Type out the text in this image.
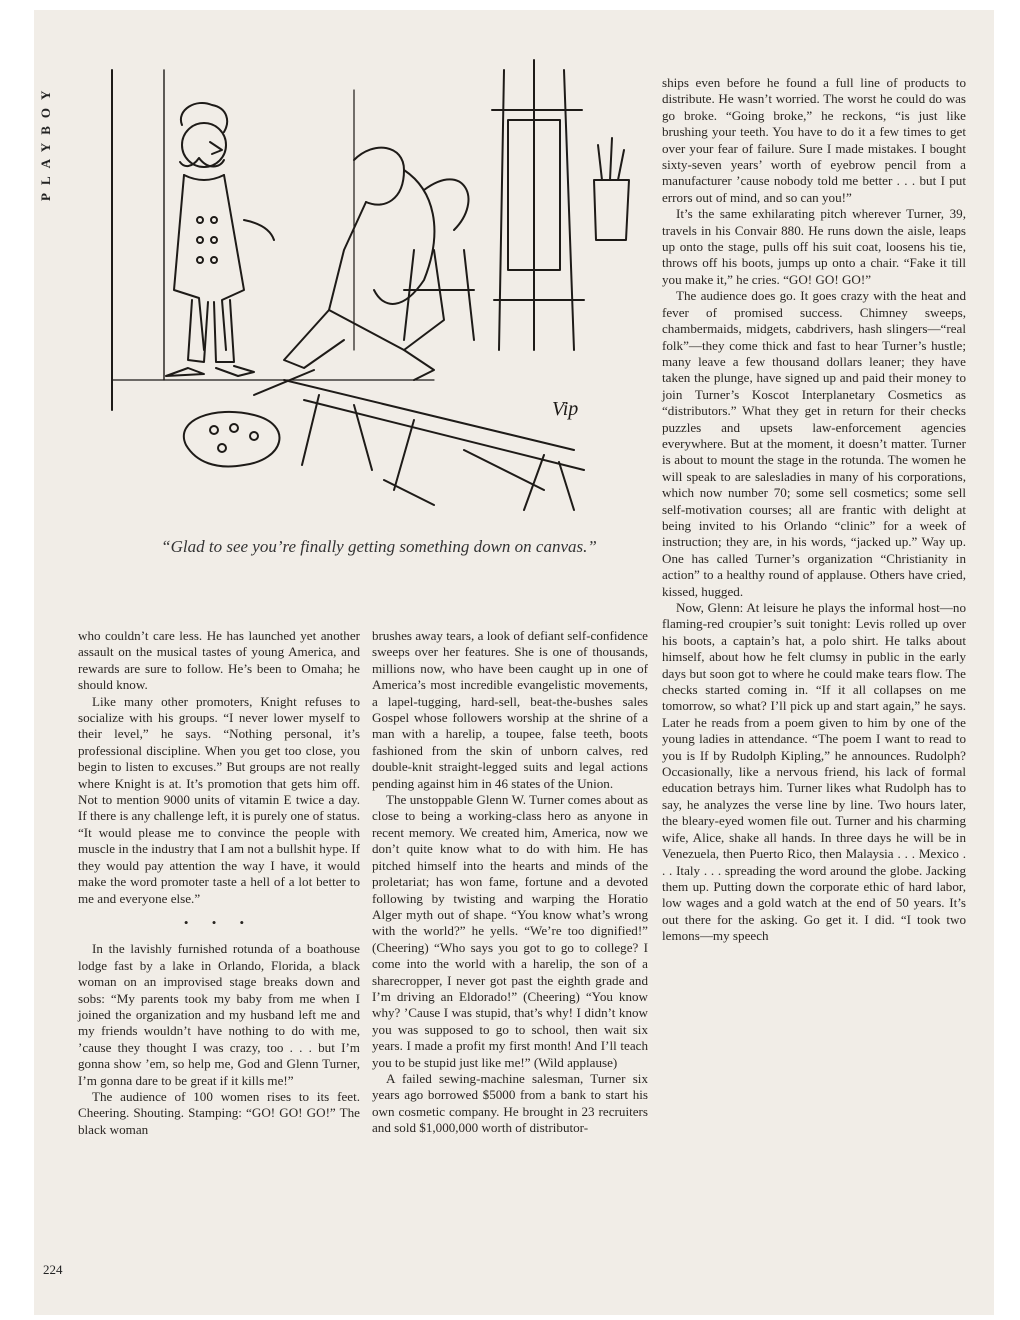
PLAYBOY
Vip
“Glad to see you’re finally getting something down on canvas.”

who couldn’t care less. He has launched yet another assault on the musical tastes of young America, and rewards are sure to follow. He’s been to Omaha; he should know.

Like many other promoters, Knight refuses to socialize with his groups. “I never lower myself to their level,” he says. “Nothing personal, it’s professional discipline. When you get too close, you begin to listen to excuses.” But groups are not really where Knight is at. It’s promotion that gets him off. Not to mention 9000 units of vitamin E twice a day. If there is any challenge left, it is purely one of status. “It would please me to convince the people with muscle in the industry that I am not a bullshit hype. If they would pay attention the way I have, it would make the word promoter taste a hell of a lot better to me and everyone else.”

• • •

In the lavishly furnished rotunda of a boathouse lodge fast by a lake in Orlando, Florida, a black woman on an improvised stage breaks down and sobs: “My parents took my baby from me when I joined the organization and my husband left me and my friends wouldn’t have nothing to do with me, ’cause they thought I was crazy, too . . . but I’m gonna show ’em, so help me, God and Glenn Turner, I’m gonna dare to be great if it kills me!”

The audience of 100 women rises to its feet. Cheering. Shouting. Stamping: “GO! GO! GO!” The black woman

brushes away tears, a look of defiant self-confidence sweeps over her features. She is one of thousands, millions now, who have been caught up in one of America’s most incredible evangelistic movements, a lapel-tugging, hard-sell, beat-the-bushes sales Gospel whose followers worship at the shrine of a man with a harelip, a toupee, false teeth, boots fashioned from the skin of unborn calves, red double-knit straight-legged suits and legal actions pending against him in 46 states of the Union.

The unstoppable Glenn W. Turner comes about as close to being a working-class hero as anyone in recent memory. We created him, America, now we don’t quite know what to do with him. He has pitched himself into the hearts and minds of the proletariat; has won fame, fortune and a devoted following by twisting and warping the Horatio Alger myth out of shape. “You know what’s wrong with the world?” he yells. “We’re too dignified!” (Cheering) “Who says you got to go to college? I come into the world with a harelip, the son of a sharecropper, I never got past the eighth grade and I’m driving an Eldorado!” (Cheering) “You know why? ’Cause I was stupid, that’s why! I didn’t know you was supposed to go to school, then wait six years. I made a profit my first month! And I’ll teach you to be stupid just like me!” (Wild applause)

A failed sewing-machine salesman, Turner six years ago borrowed $5000 from a bank to start his own cosmetic company. He brought in 23 recruiters and sold $1,000,000 worth of distributor-

ships even before he found a full line of products to distribute. He wasn’t worried. The worst he could do was go broke. “Going broke,” he reckons, “is just like brushing your teeth. You have to do it a few times to get over your fear of failure. Sure I made mistakes. I bought sixty-seven years’ worth of eyebrow pencil from a manufacturer ’cause nobody told me better . . . but I put errors out of mind, and so can you!”

It’s the same exhilarating pitch wherever Turner, 39, travels in his Convair 880. He runs down the aisle, leaps up onto the stage, pulls off his suit coat, loosens his tie, throws off his boots, jumps up onto a chair. “Fake it till you make it,” he cries. “GO! GO! GO!”

The audience does go. It goes crazy with the heat and fever of promised success. Chimney sweeps, chambermaids, midgets, cabdrivers, hash slingers—“real folk”—they come thick and fast to hear Turner’s hustle; many leave a few thousand dollars leaner; they have taken the plunge, have signed up and paid their money to join Turner’s Koscot Interplanetary Cosmetics as “distributors.” What they get in return for their checks puzzles and upsets law-enforcement agencies everywhere. But at the moment, it doesn’t matter. Turner is about to mount the stage in the rotunda. The women he will speak to are salesladies in many of his corporations, which now number 70; some sell cosmetics; some sell self-motivation courses; all are frantic with delight at being invited to his Orlando “clinic” for a week of instruction; they are, in his words, “jacked up.” Way up. One has called Turner’s organization “Christianity in action” to a healthy round of applause. Others have cried, kissed, hugged.

Now, Glenn: At leisure he plays the informal host—no flaming-red croupier’s suit tonight: Levis rolled up over his boots, a captain’s hat, a polo shirt. He talks about himself, about how he felt clumsy in public in the early days but soon got to where he could make tears flow. The checks started coming in. “If it all collapses on me tomorrow, so what? I’ll pick up and start again,” he says. Later he reads from a poem given to him by one of the young ladies in attendance. “The poem I want to read to you is If by Rudolph Kipling,” he announces. Rudolph? Occasionally, like a nervous friend, his lack of formal education betrays him. Turner likes what Rudolph has to say, he analyzes the verse line by line. Two hours later, the bleary-eyed women file out. Turner and his charming wife, Alice, shake all hands. In three days he will be in Venezuela, then Puerto Rico, then Malaysia . . . Mexico . . . Italy . . . spreading the word around the globe. Jacking them up. Putting down the corporate ethic of hard labor, low wages and a gold watch at the end of 50 years. It’s out there for the asking. Go get it. I did. “I took two lemons—my speech

224
